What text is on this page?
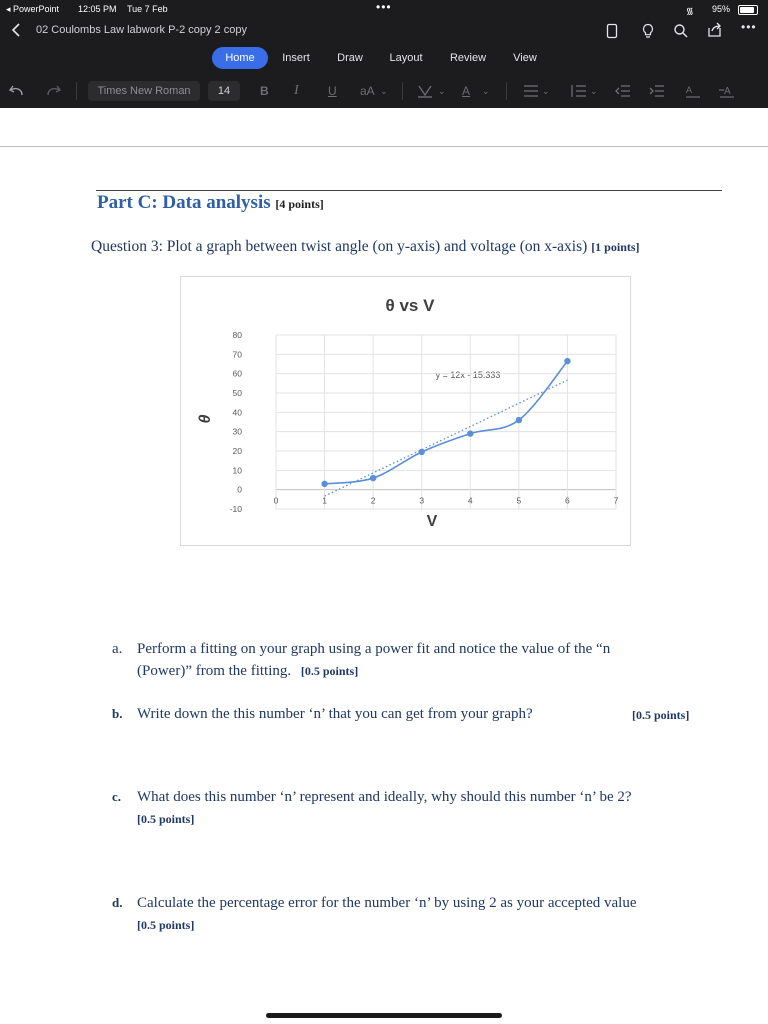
◂ PowerPoint 12:05 PM Tue 7 Feb	•••	᯾ 95%
02 Coulombs Law labwork P-2 copy 2 copy	•••
Home	Insert	Draw	Layout	Review	View
Times New Roman	14	B I U aA ⌄	⌄ A ⌄	⌄	⌄	A	A
Part C: Data analysis [4 points]
Question 3: Plot a graph between twist angle (on y-axis) and voltage (on x-axis) [1 points]
θ vs V
θ
V
y = 12x - 15.333
-10
0
10
20
30
40
50
60
70
80
0	1	2	3	4	5	6	7
a. Perform a fitting on your graph using a power fit and notice the value of the “n
(Power)” from the fitting. [0.5 points]
b. Write down the this number ‘n’ that you can get from your graph?	[0.5 points]
c. What does this number ‘n’ represent and ideally, why should this number ‘n’ be 2?
[0.5 points]
d. Calculate the percentage error for the number ‘n’ by using 2 as your accepted value
[0.5 points]
